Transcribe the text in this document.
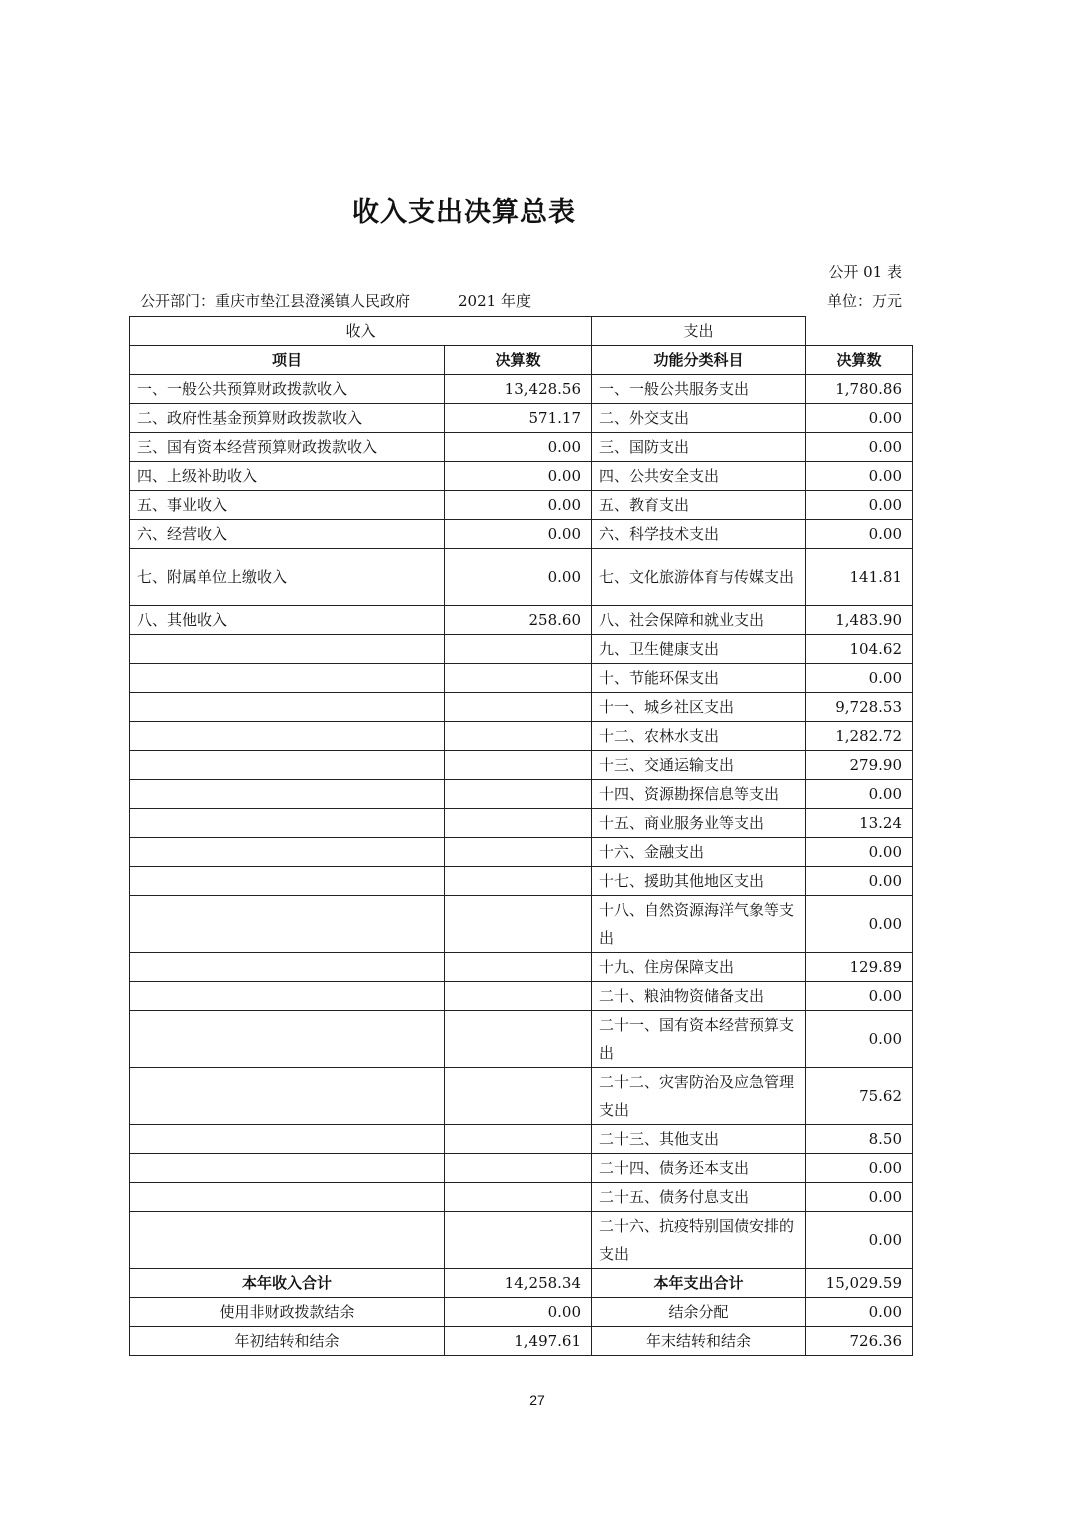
收入支出决算总表
公开 01 表
公开部门：重庆市垫江县澄溪镇人民政府	2021 年度	单位：万元
收入		支出	
项目	决算数	功能分类科目	决算数
一、一般公共预算财政拨款收入	13,428.56	一、一般公共服务支出	1,780.86
二、政府性基金预算财政拨款收入	571.17	二、外交支出	0.00
三、国有资本经营预算财政拨款收入	0.00	三、国防支出	0.00
四、上级补助收入	0.00	四、公共安全支出	0.00
五、事业收入	0.00	五、教育支出	0.00
六、经营收入	0.00	六、科学技术支出	0.00
七、附属单位上缴收入	0.00	七、文化旅游体育与传媒支出	141.81
八、其他收入	258.60	八、社会保障和就业支出	1,483.90
		九、卫生健康支出	104.62
		十、节能环保支出	0.00
		十一、城乡社区支出	9,728.53
		十二、农林水支出	1,282.72
		十三、交通运输支出	279.90
		十四、资源勘探信息等支出	0.00
		十五、商业服务业等支出	13.24
		十六、金融支出	0.00
		十七、援助其他地区支出	0.00
		十八、自然资源海洋气象等支出	0.00
		十九、住房保障支出	129.89
		二十、粮油物资储备支出	0.00
		二十一、国有资本经营预算支出	0.00
		二十二、灾害防治及应急管理支出	75.62
		二十三、其他支出	8.50
		二十四、债务还本支出	0.00
		二十五、债务付息支出	0.00
		二十六、抗疫特别国债安排的支出	0.00
本年收入合计	14,258.34	本年支出合计	15,029.59
使用非财政拨款结余	0.00	结余分配	0.00
年初结转和结余	1,497.61	年末结转和结余	726.36
27
